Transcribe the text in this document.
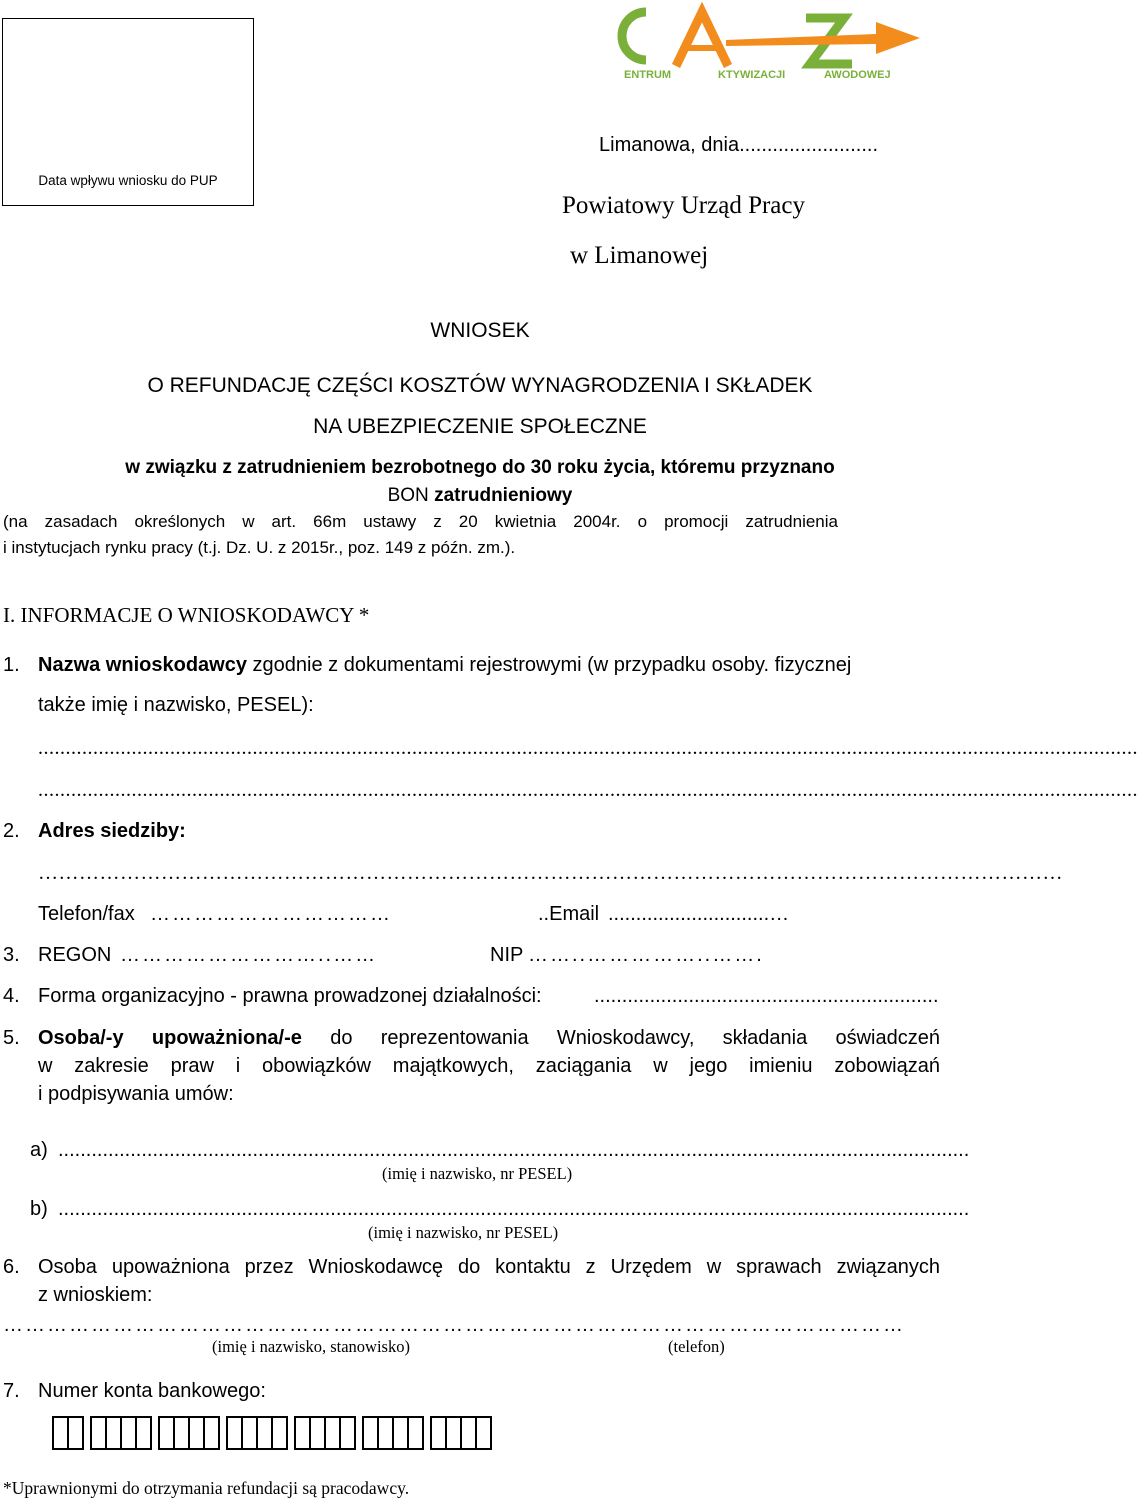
Data wpływu wniosku do PUP
ENTRUM	KTYWIZACJI	AWODOWEJ
Limanowa, dnia.........................
Powiatowy Urząd Pracy
w Limanowej
WNIOSEK
O REFUNDACJĘ CZĘŚCI KOSZTÓW WYNAGRODZENIA I SKŁADEK
NA UBEZPIECZENIE SPOŁECZNE
w związku z zatrudnieniem bezrobotnego do 30 roku życia, któremu przyznano
BON zatrudnieniowy
(na zasadach określonych w art. 66m ustawy z 20 kwietnia 2004r. o promocji zatrudnienia
i instytucjach rynku pracy (t.j. Dz. U. z 2015r., poz. 149 z późn. zm.).
I. INFORMACJE O WNIOSKODAWCY *
1. Nazwa wnioskodawcy zgodnie z dokumentami rejestrowymi (w przypadku osoby. fizycznej
także imię i nazwisko, PESEL):
........................................................................................................................................................................................................
........................................................................................................................................................................................................
2. Adres siedziby:
……………………………………………………………………………………………………………………………………
Telefon/fax ……………………………	..Email .............................…
3. REGON ………………………..……	NIP ……..……………..…….
4. Forma organizacyjno - prawna prowadzonej działalności:	..............................................................
5. Osoba/-y upoważniona/-e do reprezentowania Wnioskodawcy, składania oświadczeń
w zakresie praw i obowiązków majątkowych, zaciągania w jego imieniu zobowiązań
i podpisywania umów:
a) ....................................................................................................................................................................
(imię i nazwisko, nr PESEL)
b) ....................................................................................................................................................................
(imię i nazwisko, nr PESEL)
6. Osoba upoważniona przez Wnioskodawcę do kontaktu z Urzędem w sprawach związanych
z wnioskiem:
……………………………………………………………………………………………………………
(imię i nazwisko, stanowisko)	(telefon)
7. Numer konta bankowego:
*Uprawnionymi do otrzymania refundacji są pracodawcy.
